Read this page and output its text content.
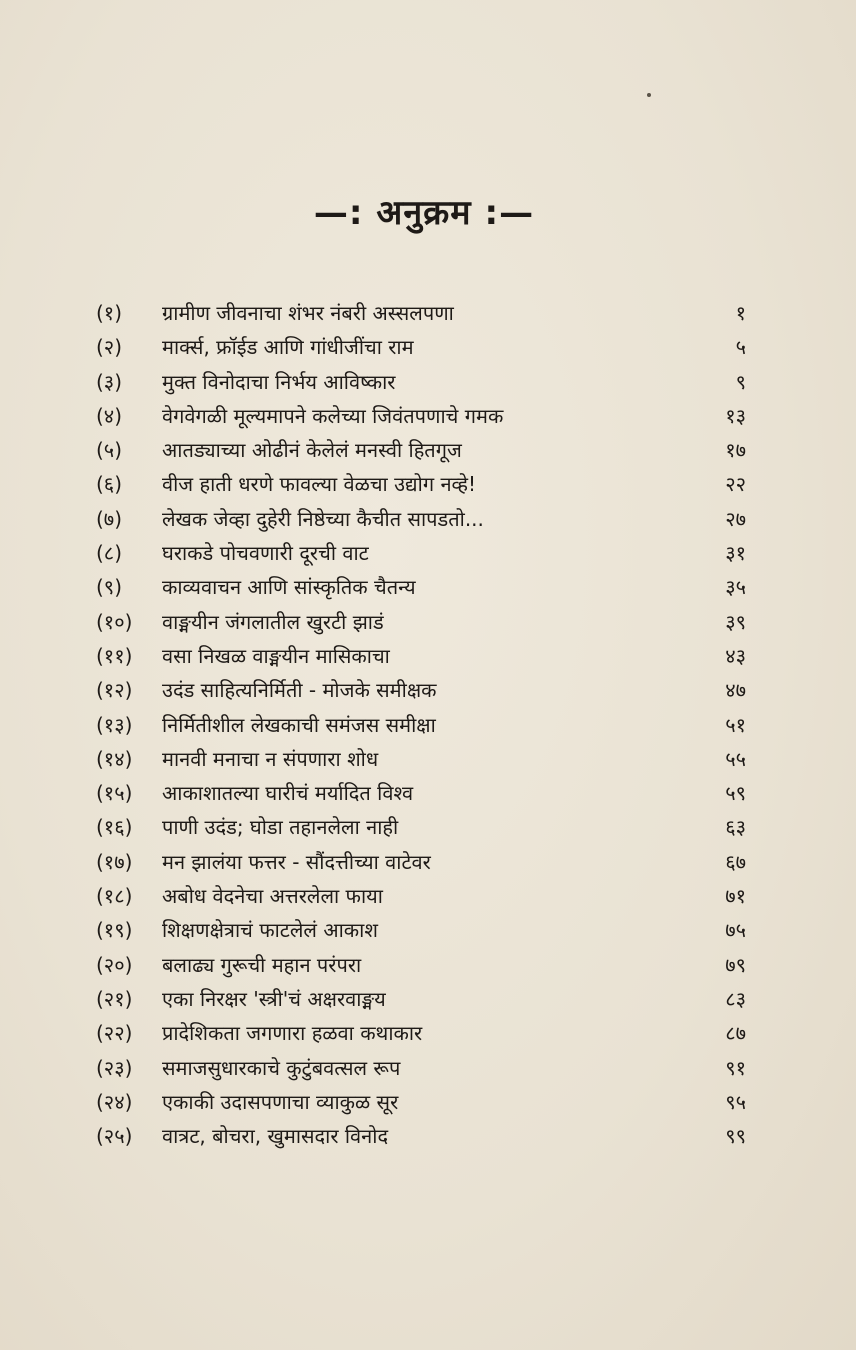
—: अनुक्रम :—
(१) ग्रामीण जीवनाचा शंभर नंबरी अस्सलपणा	१
(२) मार्क्स, फ्रॉईड आणि गांधीजींचा राम	५
(३) मुक्त विनोदाचा निर्भय आविष्कार	९
(४) वेगवेगळी मूल्यमापने कलेच्या जिवंतपणाचे गमक	१३
(५) आतड्याच्या ओढीनं केलेलं मनस्वी हितगूज	१७
(६) वीज हाती धरणे फावल्या वेळचा उद्योग नव्हे!	२२
(७) लेखक जेव्हा दुहेरी निष्ठेच्या कैचीत सापडतो...	२७
(८) घराकडे पोचवणारी दूरची वाट	३१
(९) काव्यवाचन आणि सांस्कृतिक चैतन्य	३५
(१०) वाङ्मयीन जंगलातील खुरटी झाडं	३९
(११) वसा निखळ वाङ्मयीन मासिकाचा	४३
(१२) उदंड साहित्यनिर्मिती - मोजके समीक्षक	४७
(१३) निर्मितीशील लेखकाची समंजस समीक्षा	५१
(१४) मानवी मनाचा न संपणारा शोध	५५
(१५) आकाशातल्या घारीचं मर्यादित विश्व	५९
(१६) पाणी उदंड; घोडा तहानलेला नाही	६३
(१७) मन झालंया फत्तर - सौंदत्तीच्या वाटेवर	६७
(१८) अबोध वेदनेचा अत्तरलेला फाया	७१
(१९) शिक्षणक्षेत्राचं फाटलेलं आकाश	७५
(२०) बलाढ्य गुरूची महान परंपरा	७९
(२१) एका निरक्षर 'स्त्री'चं अक्षरवाङ्मय	८३
(२२) प्रादेशिकता जगणारा हळवा कथाकार	८७
(२३) समाजसुधारकाचे कुटुंबवत्सल रूप	९१
(२४) एकाकी उदासपणाचा व्याकुळ सूर	९५
(२५) वात्रट, बोचरा, खुमासदार विनोद	९९
